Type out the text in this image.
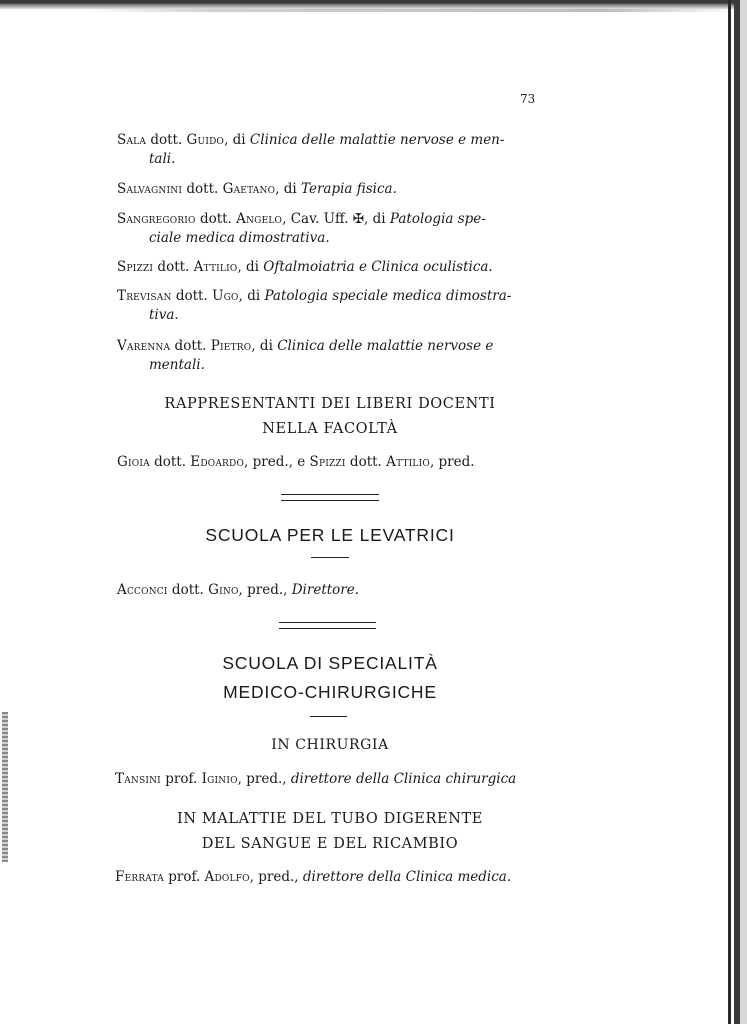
73
Sala dott. Guido, di Clinica delle malattie nervose e men-
tali.
Salvagnini dott. Gaetano, di Terapia fisica.
Sangregorio dott. Angelo, Cav. Uff. ✠, di Patologia spe-
ciale medica dimostrativa.
Spizzi dott. Attilio, di Oftalmoiatria e Clinica oculistica.
Trevisan dott. Ugo, di Patologia speciale medica dimostra-
tiva.
Varenna dott. Pietro, di Clinica delle malattie nervose e
mentali.
RAPPRESENTANTI DEI LIBERI DOCENTI
NELLA FACOLTÀ
Gioia dott. Edoardo, pred., e Spizzi dott. Attilio, pred.
SCUOLA PER LE LEVATRICI
Acconci dott. Gino, pred., Direttore.
SCUOLA DI SPECIALITÀ
MEDICO-CHIRURGICHE
IN CHIRURGIA
Tansini prof. Iginio, pred., direttore della Clinica chirurgica
IN MALATTIE DEL TUBO DIGERENTE
DEL SANGUE E DEL RICAMBIO
Ferrata prof. Adolfo, pred., direttore della Clinica medica.
